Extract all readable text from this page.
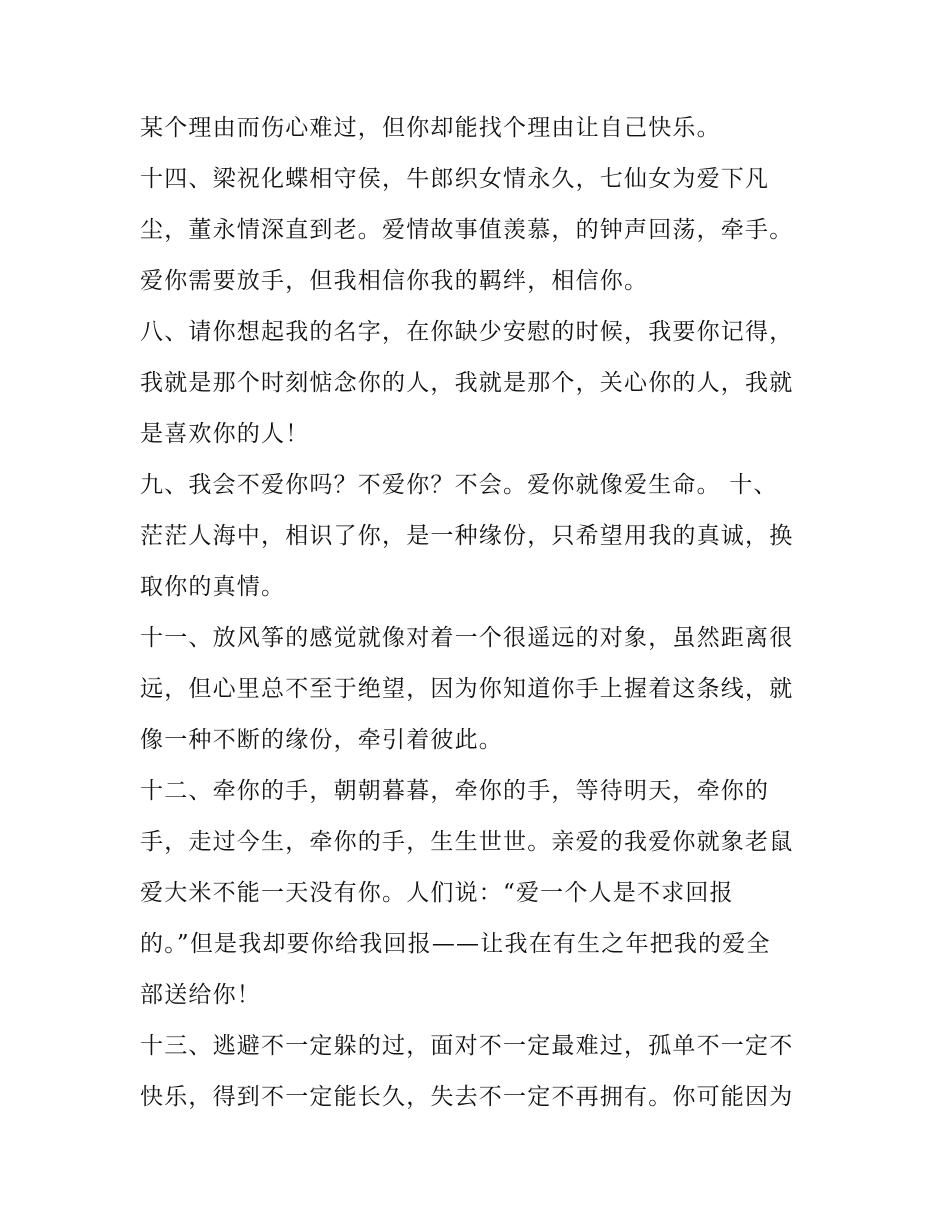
某个理由而伤心难过，但你却能找个理由让自己快乐。
十四、梁祝化蝶相守侯，牛郎织女情永久，七仙女为爱下凡
尘，董永情深直到老。爱情故事值羡慕，的钟声回荡，牵手。
爱你需要放手，但我相信你我的羁绊，相信你。
八、请你想起我的名字，在你缺少安慰的时候，我要你记得，
我就是那个时刻惦念你的人，我就是那个，关心你的人，我就
是喜欢你的人！
九、我会不爱你吗？不爱你？不会。爱你就像爱生命。 十、
茫茫人海中，相识了你，是一种缘份，只希望用我的真诚，换
取你的真情。
十一、放风筝的感觉就像对着一个很遥远的对象，虽然距离很
远，但心里总不至于绝望，因为你知道你手上握着这条线，就
像一种不断的缘份，牵引着彼此。
十二、牵你的手，朝朝暮暮，牵你的手，等待明天，牵你的
手，走过今生，牵你的手，生生世世。亲爱的我爱你就象老鼠
爱大米不能一天没有你。人们说：“爱一个人是不求回报
的。”但是我却要你给我回报——让我在有生之年把我的爱全
部送给你！
十三、逃避不一定躲的过，面对不一定最难过，孤单不一定不
快乐，得到不一定能长久，失去不一定不再拥有。你可能因为
